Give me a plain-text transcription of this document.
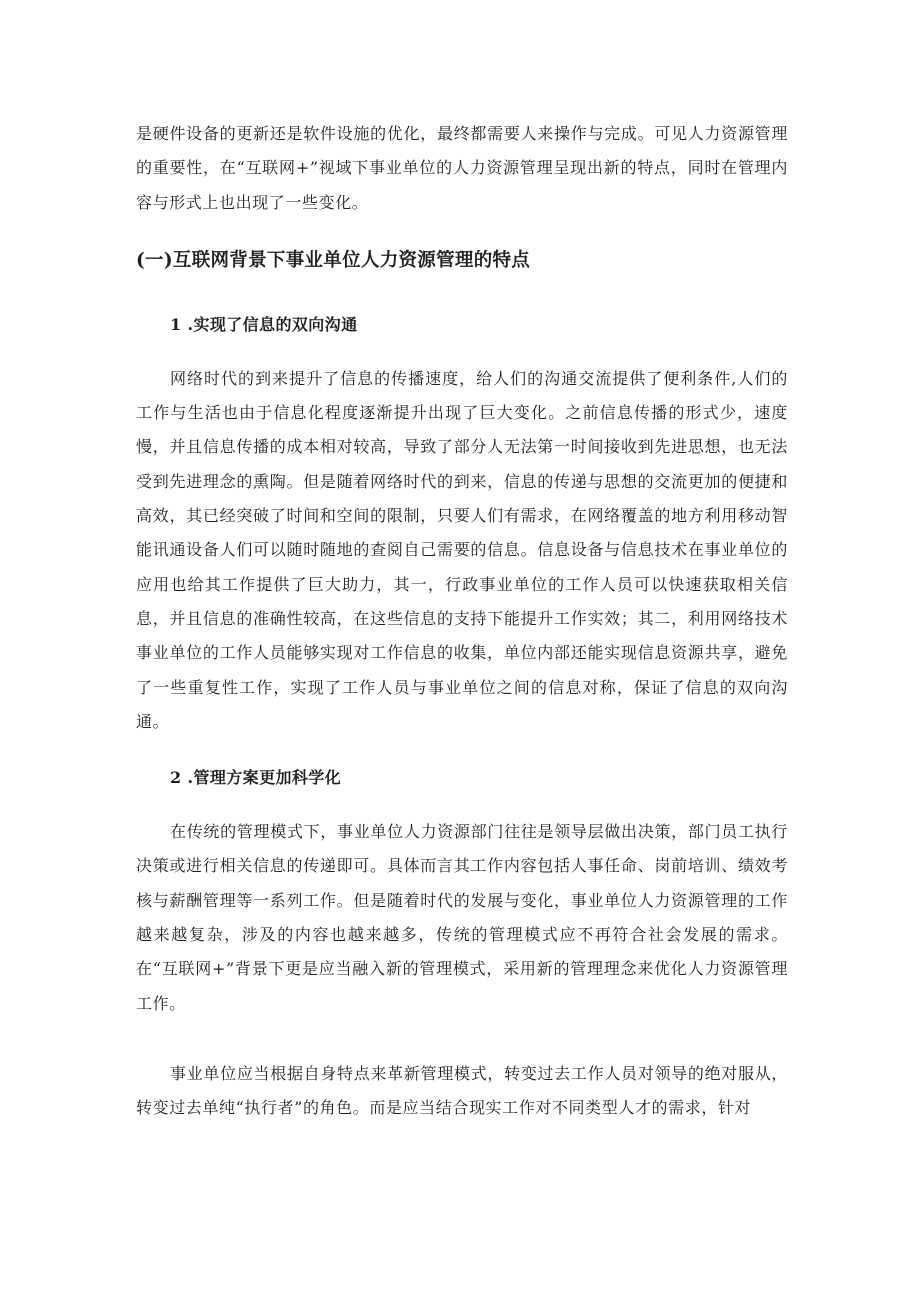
是硬件设备的更新还是软件设施的优化，最终都需要人来操作与完成。可见人力资源管理的重要性，在“互联网+”视域下事业单位的人力资源管理呈现出新的特点，同时在管理内容与形式上也出现了一些变化。

(一)互联网背景下事业单位人力资源管理的特点
1 .实现了信息的双向沟通

网络时代的到来提升了信息的传播速度，给人们的沟通交流提供了便利条件,人们的工作与生活也由于信息化程度逐渐提升出现了巨大变化。之前信息传播的形式少，速度慢，并且信息传播的成本相对较高，导致了部分人无法第一时间接收到先进思想，也无法受到先进理念的熏陶。但是随着网络时代的到来，信息的传递与思想的交流更加的便捷和高效，其已经突破了时间和空间的限制，只要人们有需求，在网络覆盖的地方利用移动智能讯通设备人们可以随时随地的查阅自己需要的信息。信息设备与信息技术在事业单位的应用也给其工作提供了巨大助力，其一，行政事业单位的工作人员可以快速获取相关信息，并且信息的准确性较高，在这些信息的支持下能提升工作实效；其二，利用网络技术事业单位的工作人员能够实现对工作信息的收集，单位内部还能实现信息资源共享，避免了一些重复性工作，实现了工作人员与事业单位之间的信息对称，保证了信息的双向沟通。

2 .管理方案更加科学化

在传统的管理模式下，事业单位人力资源部门往往是领导层做出决策，部门员工执行决策或进行相关信息的传递即可。具体而言其工作内容包括人事任命、岗前培训、绩效考核与薪酬管理等一系列工作。但是随着时代的发展与变化，事业单位人力资源管理的工作越来越复杂，涉及的内容也越来越多，传统的管理模式应不再符合社会发展的需求。在“互联网+”背景下更是应当融入新的管理模式，采用新的管理理念来优化人力资源管理工作。

事业单位应当根据自身特点来革新管理模式，转变过去工作人员对领导的绝对服从，转变过去单纯“执行者”的角色。而是应当结合现实工作对不同类型人才的需求，针对
